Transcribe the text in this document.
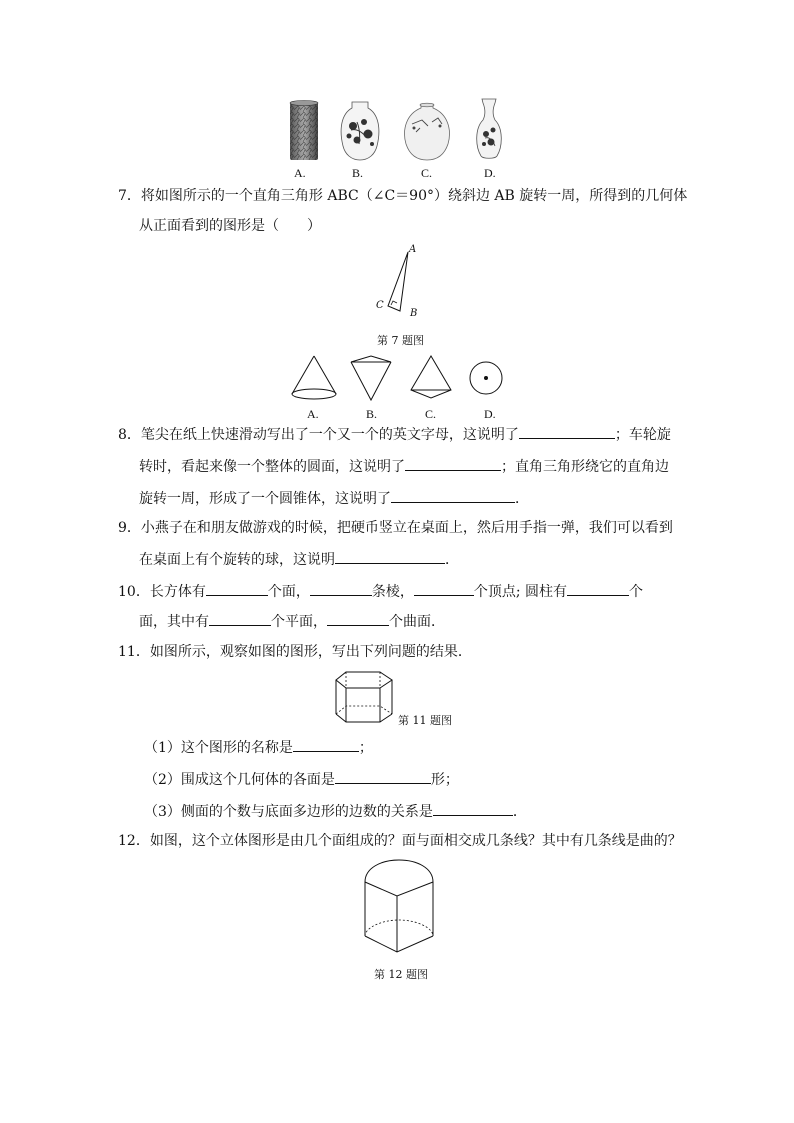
A.	B.	C.	D.
7．将如图所示的一个直角三角形 ABC（∠C＝90°）绕斜边 AB 旋转一周，所得到的几何体
从正面看到的图形是（　　）
A
C
B
第 7 题图
A.	B.	C.	D.
8．笔尖在纸上快速滑动写出了一个又一个的英文字母，这说明了	；车轮旋
转时，看起来像一个整体的圆面，这说明了	；直角三角形绕它的直角边
旋转一周，形成了一个圆锥体，这说明了	．
9．小燕子在和朋友做游戏的时候，把硬币竖立在桌面上，然后用手指一弹，我们可以看到
在桌面上有个旋转的球，这说明	．
10．长方体有	个面，	条棱，	个顶点; 圆柱有	个
面，其中有	个平面，	个曲面．
11．如图所示，观察如图的图形，写出下列问题的结果．
第 11 题图
（1）这个图形的名称是	；
（2）围成这个几何体的各面是	形；
（3）侧面的个数与底面多边形的边数的关系是	．
12．如图，这个立体图形是由几个面组成的？面与面相交成几条线？其中有几条线是曲的？
第 12 题图
